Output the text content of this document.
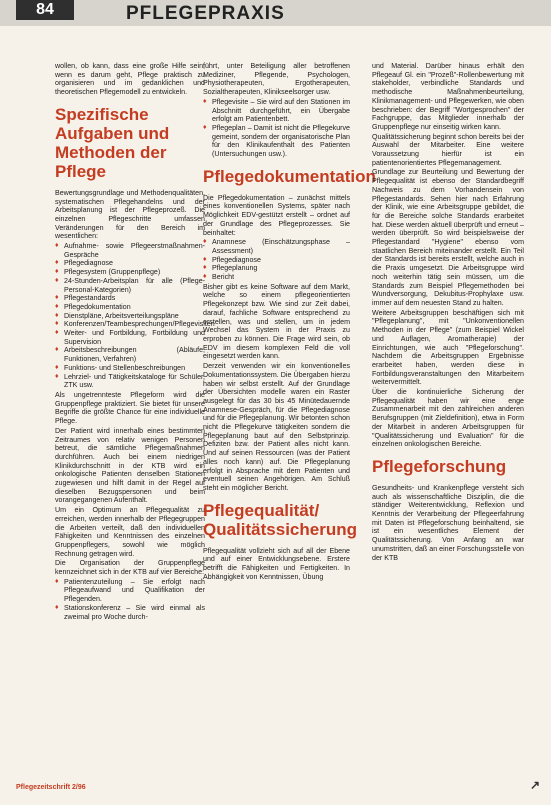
84	PFLEGEPRAXIS

wollen, ob kann, dass eine große Hilfe sein, wenn es darum geht, Pflege praktisch zu organisieren und im gedanklichen und theoretischen Pflegemodell zu entwickeln.

Spezifische Aufgaben und Methoden der Pflege

Bewertungsgrundlage und Methodenqualitäten, systematischen Pflegehandelns und der Arbeitsplanung ist der Pflegeprozeß. Die einzelnen Pflegeschritte umfassen Veränderungen für den Bereich im wesentlichen:

♦ Aufnahme- sowie Pflegeerstmaßnahmen-Gespräche
♦ Pflegediagnose
♦ Pflegesystem (Gruppenpflege)
♦ 24-Stunden-Arbeitsplan für alle (Pflege-Personal-Kategorien)
♦ Pflegestandards
♦ Pflegedokumentation
♦ Dienstpläne, Arbeitsverteilungspläne
♦ Konferenzen/Teambesprechungen/Pflegevisiten
♦ Weiter- und Fortbildung, Fortbildung und Supervision
♦ Arbeitsbeschreibungen (Abläufe, Funktionen, Verfahren)
♦ Funktions- und Stellenbeschreibungen
♦ Lehrziel- und Tätigkeitskataloge für Schüler, ZTK usw.

Als ungetrennteste Pflegeform wird die Gruppenpflege praktiziert. Sie bietet für unsere Begriffe die größte Chance für eine individuelle Pflege.

Der Patient wird innerhalb eines bestimmten Zeitraumes von relativ wenigen Personen betreut, die sämtliche Pflegemaßnahmen durchführen. Auch bei einem niedrigen Klinikdurchschnitt in der KTB wird ein onkologische Patienten denselben Stationen zugewiesen und hilft damit in der Regel auf dieselben Bezugspersonen und beim vorangegangenen Aufenthalt.

Um ein Optimum an Pflegequalität zu erreichen, werden innerhalb der Pflegegruppen die Arbeiten verteilt, daß den individuellen Fähigkeiten und Kenntnissen des einzelnen Gruppenpflegers, sowohl wie möglich Rechnung getragen wird.

Die Organisation der Gruppenpflege kennzeichnet sich in der KTB auf vier Bereiche:

♦ Patientenzuteilung – Sie erfolgt nach Pflegeaufwand und Qualifikation der Pflegenden.
♦ Stationskonferenz – Sie wird einmal als zweimal pro Woche durch-

führt, unter Beteiligung aller betroffenen Mediziner, Pflegende, Psychologen, Physiotherapeuten, Ergotherapeuten, Sozialtherapeuten, Klinikseelsorger usw.

♦ Pflegevisite – Sie wird auf den Stationen im Abschnitt durchgeführt, ein Übergabe erfolgt am Patientenbett.
♦ Pflegeplan – Damit ist nicht die Pflegekurve gemeint, sondern der organisatorische Plan für den Klinikaufenthalt des Patienten (Untersuchungen usw.).
Pflegedokumentation

Die Pflegedokumentation – zunächst mittels eines konventionellen Systems, später nach Möglichkeit EDV-gestützt erstellt – ordnet auf der Grundlage des Pflegeprozesses. Sie beinhaltet:

♦ Anamnese (Einschätzungsphase – Assessment)
♦ Pflegediagnose
♦ Pflegeplanung
♦ Bericht

Bisher gibt es keine Software auf dem Markt, welche so einem pflegeorientierten Pflegekonzept bzw. Wie sind zur Zeit dabei, darauf, fachliche Software entsprechend zu erstellen, was und stellen, um in jedem Wechsel das System in der Praxis zu erproben zu können. Die Frage wird sein, ob EDV im diesem komplexen Feld die voll eingesetzt werden kann.

Derzeit verwenden wir ein konventionelles Dokumentationssystem. Die Übergaben hierzu haben wir selbst erstellt. Auf der Grundlage der Übersichten modelle waren ein Raster ausgelegt für das 30 bis 45 Minütedauernde Anamnese-Gespräch, für die Pflegediagnose und für die Pflegeplanung. Wir betonten schon nicht die Pflegekurve tätigkeiten sondern die Pflegeplanung baut auf den Selbstprinzip. Defiziten bzw. der Patient alles nicht kann. Und auf seinen Ressourcen (was der Patient alles noch kann) auf. Die Pflegeplanung erfolgt in Absprache mit dem Patienten und eventuell seinen Angehörigen. Am Schluß steht ein möglicher Bericht.

Pflegequalität/ Qualitätssicherung

Pflegequalität vollzieht sich auf all der Ebene und auf einer Entwicklungsebene. Erstere betrifft die Fähigkeiten und Fertigkeiten. In Abhängigkeit von Kenntnissen, Übung

und Material. Darüber hinaus erhält den Pflegeauf Gl. ein "Prozeß"-Rollenbewertung mit stakeholder, verbindliche Standards und methodische Maßnahmenbeurteilung, Klinikmanagement- und Pflegewerken, wie oben beschrieben: der Begriff "Wortgesprochen" der Fachgruppe, das Mitglieder innerhalb der Gruppenpflege nur einseitig wirken kann.

Qualitätssicherung beginnt schon bereits bei der Auswahl der Mitarbeiter. Eine weitere Voraussetzung hierfür ist ein patientenorientiertes Pflegemanagement.

Grundlage zur Beurteilung und Bewertung der Pflegequalität ist ebenso der Standardbegriff Nachweis zu dem Vorhandensein von Pflegestandards. Sehen hier nach Erfahrung der Klinik, wie eine Arbeitsgruppe gebildet, die für die Bereiche solche Standards erarbeitet hat. Diese werden aktuell überprüft und erneut – werden überprüft. So wird beispielsweise der Pflegestandard "Hygiene" ebenso vom staatlichen Bereich miteinander erstellt. Ein Teil der Standards ist bereits erstellt, welche auch in die Praxis umgesetzt. Die Arbeitsgruppe wird noch weiterhin tätig sein müssen, um die Standards zum Beispiel Pflegemethoden bei Wundversorgung, Dekubitus-Prophylaxe usw. immer auf dem neuesten Stand zu halten.

Weitere Arbeitsgruppen beschäftigen sich mit "Pflegeplanung", mit "Unkonventionellen Methoden in der Pflege" (zum Beispiel Wickel und Auflagen, Aromatherapie) der Einrichtungen, wie auch "Pflegeforschung". Nachdem die Arbeitsgruppen Ergebnisse erarbeitet haben, werden diese in Fortbildungsveranstaltungen den Mitarbeitern weitervermittelt.

Über die kontinuierliche Sicherung der Pflegequalität haben wir eine enge Zusammenarbeit mit den zahlreichen anderen Berufsgruppen (mit Zieldefinition), etwa in Form der Mitarbeit in anderen Arbeitsgruppen für "Qualitätssicherung und Evaluation" für die einzelnen onkologischen Bereiche.

Pflegeforschung

Gesundheits- und Krankenpflege versteht sich auch als wissenschaftliche Disziplin, die die ständiger Weiterentwicklung, Reflexion und Kenntnis der Verarbeitung der Pflegeerfahrung mit Daten ist Pflegeforschung beinhaltend, sie ist ein wesentliches Element der Qualitätssicherung. Von Anfang an war unumstritten, daß an einer Forschungsstelle von der KTB

Pflegezeitschrift 2/96	↗
